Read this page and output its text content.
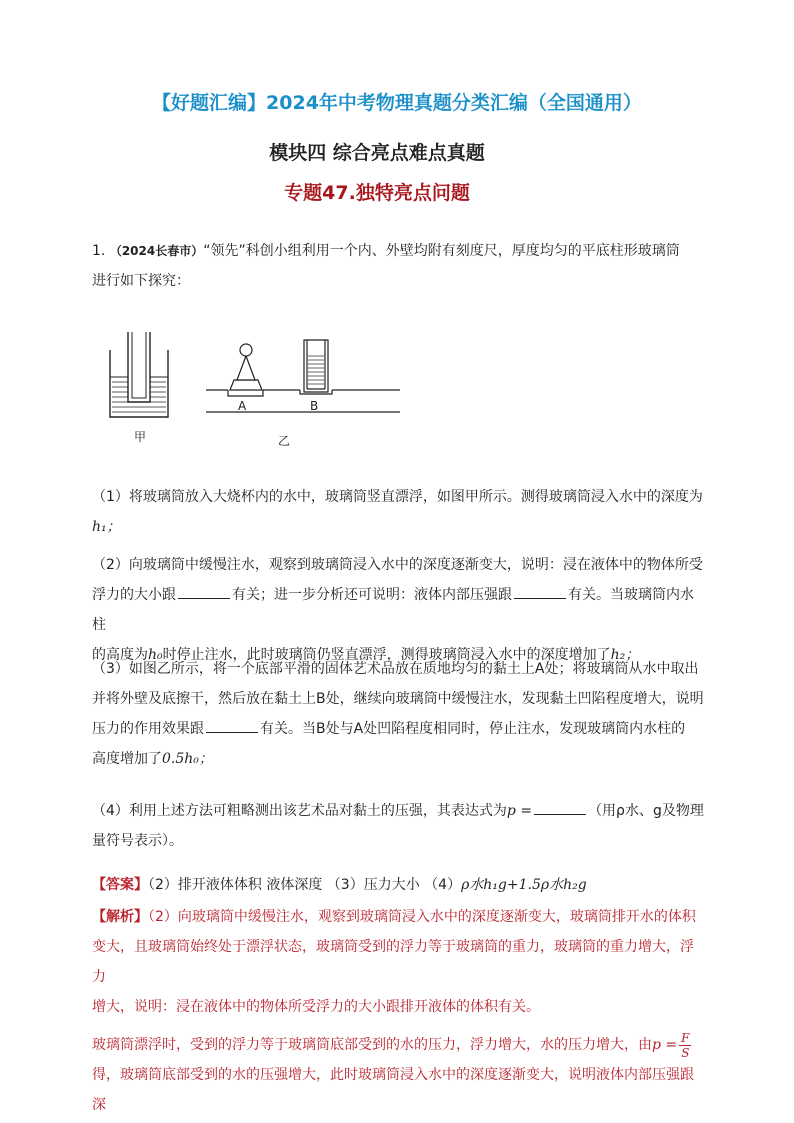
【好题汇编】2024年中考物理真题分类汇编（全国通用）
模块四 综合亮点难点真题
专题47.独特亮点问题
1. （2024长春市）“领先”科创小组利用一个内、外壁均附有刻度尺，厚度均匀的平底柱形玻璃筒
进行如下探究：
甲
A	B
乙
（1）将玻璃筒放入大烧杯内的水中，玻璃筒竖直漂浮，如图甲所示。测得玻璃筒浸入水中的深度为
h₁；
（2）向玻璃筒中缓慢注水，观察到玻璃筒浸入水中的深度逐渐变大，说明：浸在液体中的物体所受
浮力的大小跟	有关；进一步分析还可说明：液体内部压强跟	有关。当玻璃筒内水柱
的高度为h₀时停止注水，此时玻璃筒仍竖直漂浮，测得玻璃筒浸入水中的深度增加了h₂；
（3）如图乙所示，将一个底部平滑的固体艺术品放在质地均匀的黏土上A处；将玻璃筒从水中取出
并将外壁及底擦干，然后放在黏土上B处，继续向玻璃筒中缓慢注水，发现黏土凹陷程度增大，说明
压力的作用效果跟	有关。当B处与A处凹陷程度相同时，停止注水，发现玻璃筒内水柱的
高度增加了0.5h₀；
（4）利用上述方法可粗略测出该艺术品对黏土的压强，其表达式为p =	（用ρ水、g及物理
量符号表示）。
【答案】（2）排开液体体积 液体深度 （3）压力大小 （4）ρ水h₁g+1.5ρ水h₂g
【解析】（2）向玻璃筒中缓慢注水，观察到玻璃筒浸入水中的深度逐渐变大，玻璃筒排开水的体积
变大，且玻璃筒始终处于漂浮状态，玻璃筒受到的浮力等于玻璃筒的重力，玻璃筒的重力增大，浮力
增大，说明：浸在液体中的物体所受浮力的大小跟排开液体的体积有关。
玻璃筒漂浮时，受到的浮力等于玻璃筒底部受到的水的压力，浮力增大，水的压力增大，由$p = \frac{F}{S}$

得，玻璃筒底部受到的水的压强增大，此时玻璃筒浸入水中的深度逐渐变大，说明液体内部压强跟深
